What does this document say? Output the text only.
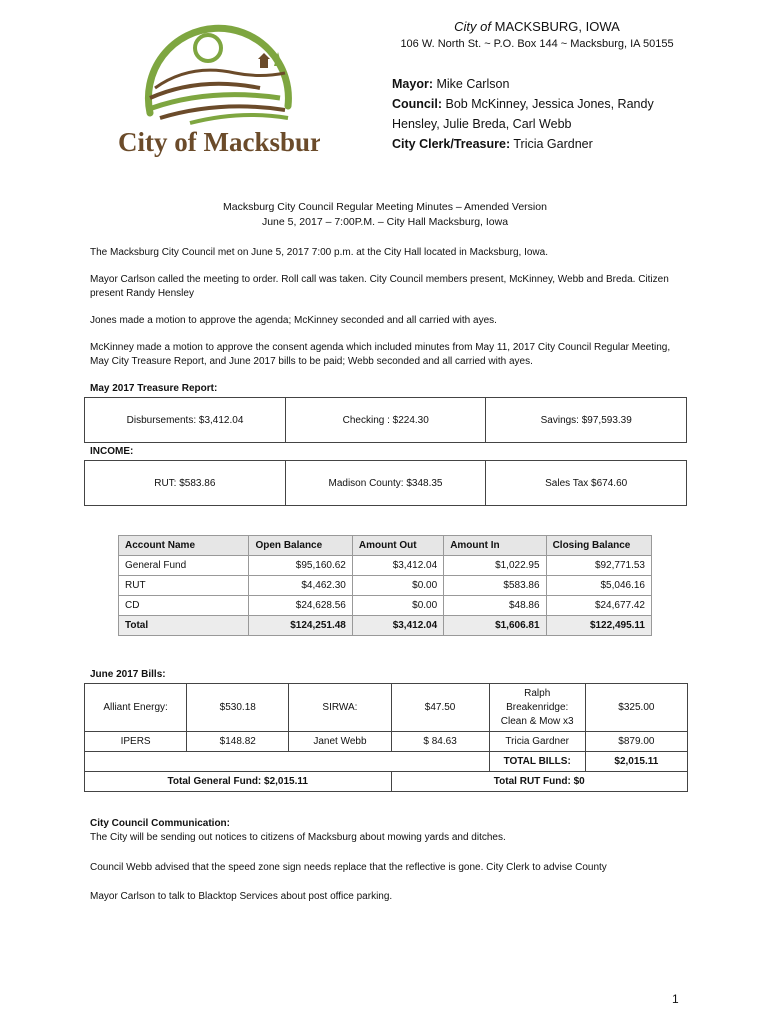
City of Macksburg
City of MACKSBURG, IOWA
106 W. North St. ~ P.O. Box 144 ~ Macksburg, IA 50155
Mayor: Mike Carlson
Council: Bob McKinney, Jessica Jones, Randy Hensley, Julie Breda, Carl Webb
City Clerk/Treasure: Tricia Gardner
Macksburg City Council Regular Meeting Minutes – Amended Version
June 5, 2017 – 7:00P.M. – City Hall Macksburg, Iowa
The Macksburg City Council met on June 5, 2017 7:00 p.m. at the City Hall located in Macksburg, Iowa.
Mayor Carlson called the meeting to order. Roll call was taken. City Council members present, McKinney, Webb and Breda. Citizen present Randy Hensley
Jones made a motion to approve the agenda; McKinney seconded and all carried with ayes.
McKinney made a motion to approve the consent agenda which included minutes from May 11, 2017 City Council Regular Meeting, May City Treasure Report, and June 2017 bills to be paid; Webb seconded and all carried with ayes.
May 2017 Treasure Report:
Disbursements: $3,412.04	Checking : $224.30	Savings: $97,593.39
INCOME:
RUT: $583.86	Madison County: $348.35	Sales Tax $674.60
Account Name	Open Balance	Amount Out	Amount In	Closing Balance
General Fund	$95,160.62	$3,412.04	$1,022.95	$92,771.53
RUT	$4,462.30	$0.00	$583.86	$5,046.16
CD	$24,628.56	$0.00	$48.86	$24,677.42
Total	$124,251.48	$3,412.04	$1,606.81	$122,495.11
June 2017 Bills:
Alliant Energy:	$530.18	SIRWA:	$47.50	Ralph Breakenridge: Clean & Mow x3	$325.00
IPERS	$148.82	Janet Webb	$ 84.63	Tricia Gardner	$879.00
				TOTAL BILLS:	$2,015.11
Total General Fund: $2,015.11			Total RUT Fund: $0		
City Council Communication:
The City will be sending out notices to citizens of Macksburg about mowing yards and ditches.
Council Webb advised that the speed zone sign needs replace that the reflective is gone. City Clerk to advise County
Mayor Carlson to talk to Blacktop Services about post office parking.
1
